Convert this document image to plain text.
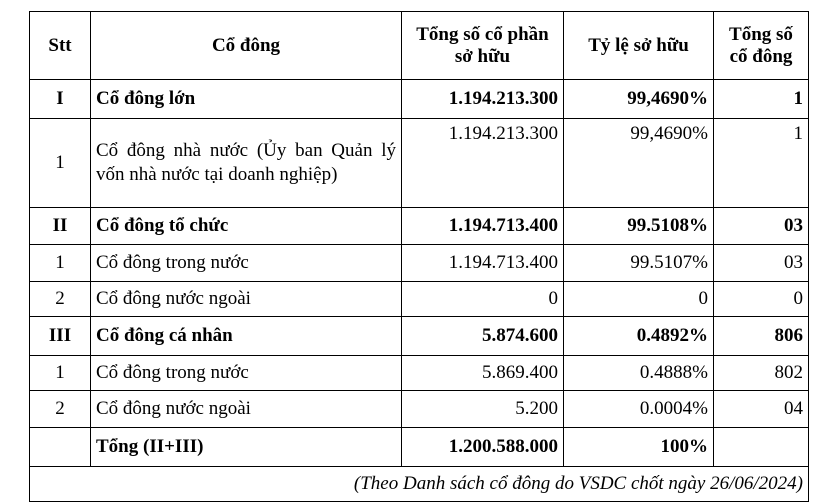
Stt	Cổ đông	Tổng số cổ phần sở hữu	Tỷ lệ sở hữu	Tổng số cổ đông
I	Cổ đông lớn	1.194.213.300	99,4690%	1
1	Cổ đông nhà nước (Ủy ban Quản lý vốn nhà nước tại doanh nghiệp)	1.194.213.300	99,4690%	1
II	Cổ đông tổ chức	1.194.713.400	99.5108%	03
1	Cổ đông trong nước	1.194.713.400	99.5107%	03
2	Cổ đông nước ngoài	0	0	0
III	Cổ đông cá nhân	5.874.600	0.4892%	806
1	Cổ đông trong nước	5.869.400	0.4888%	802
2	Cổ đông nước ngoài	5.200	0.0004%	04
	Tổng (II+III)	1.200.588.000	100%	
(Theo Danh sách cổ đông do VSDC chốt ngày 26/06/2024)				
